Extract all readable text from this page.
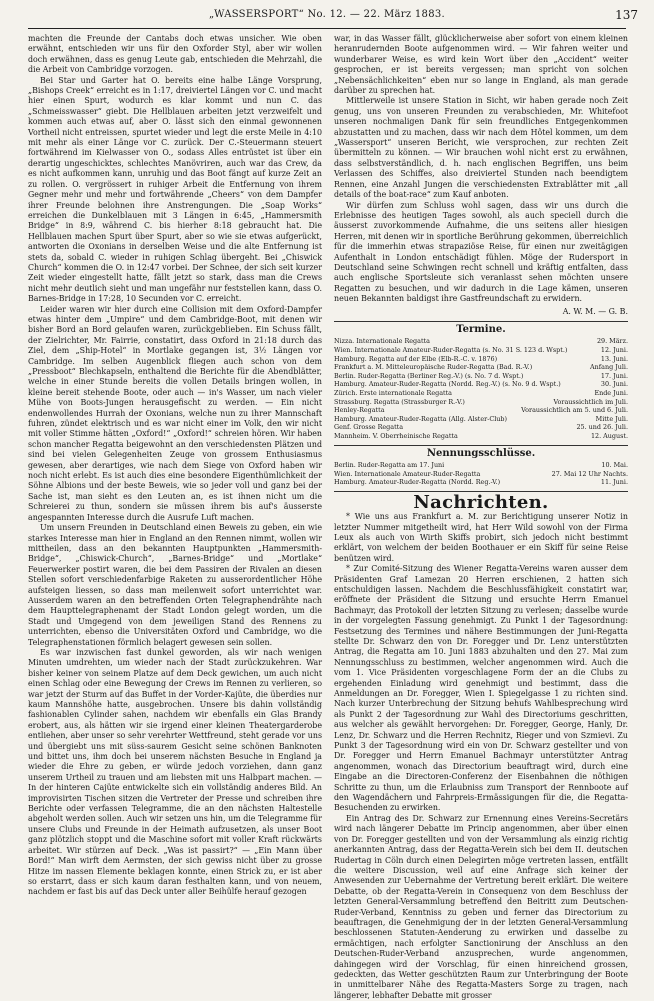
„WASSERSPORT“ No. 12. — 22. März 1883.	137

machten die Freunde der Cantabs doch etwas unsicher. Wie oben erwähnt, entschieden wir uns für den Oxforder Styl, aber wir wollen doch erwähnen, dass es genug Leute gab, entschieden die Mehrzahl, die die Arbeit von Cambridge vorzogen.

Bei Star und Garter hat O. bereits eine halbe Länge Vorsprung, „Bishops Creek“ erreicht es in 1:17, dreiviertel Längen vor C. und macht hier einen Spurt, wodurch es klar kommt und nun C. das „Schmeisswasser“ giebt. Die Hellblauen arbeiten jetzt verzweifelt und kommen auch etwas auf, aber O. lässt sich den einmal gewonnenen Vortheil nicht entreissen, spurtet wieder und legt die erste Meile in 4:10 mit mehr als einer Länge vor C. zurück. Der C.-Steuermann steuert fortwährend im Kielwasser von O., sodass Alles entrüstet ist über ein derartig ungeschicktes, schlechtes Manövriren, auch war das Crew, da es nicht aufkommen kann, unruhig und das Boot fängt auf kurze Zeit an zu rollen. O. vergrössert in ruhiger Arbeit die Entfernung von ihrem Gegner mehr und mehr und fortwährende „Cheers“ von dem Dampfer ihrer Freunde belohnen ihre Anstrengungen. Die „Soap Works“ erreichen die Dunkelblauen mit 3 Längen in 6:45, „Hammersmith Bridge“ in 8:9, während C. bis hierher 8:18 gebraucht hat. Die Hellblauen machen Spurt über Spurt, aber so wie sie etwas aufgerückt, antworten die Oxonians in derselben Weise und die alte Entfernung ist stets da, sobald C. wieder in ruhigen Schlag übergeht. Bei „Chiswick Church“ kommen die O. in 12:47 vorbei. Der Schnee, der sich seit kurzer Zeit wieder eingestellt hatte, fällt jetzt so stark, dass man die Crews nicht mehr deutlich sieht und man ungefähr nur feststellen kann, dass O. Barnes-Bridge in 17:28, 10 Secunden vor C. erreicht.

Leider waren wir hier durch eine Collision mit dem Oxford-Dampfer etwas hinter dem „Umpire“ und dem Cambridge-Boot, mit denen wir bisher Bord an Bord gelaufen waren, zurückgeblieben. Ein Schuss fällt, der Zielrichter, Mr. Fairrie, constatirt, dass Oxford in 21:18 durch das Ziel, dem „Ship-Hotel“ in Mortlake gegangen ist, 3½ Längen vor Cambridge. Im selben Augenblick fliegen auch schon von dem „Pressboot“ Blechkapseln, enthaltend die Berichte für die Abendblätter, welche in einer Stunde bereits die vollen Details bringen wollen, in kleine bereit stehende Boote, oder auch — in's Wasser, um nach vieler Mühe von Boots-Jungen herausgefischt zu werden. — Ein nicht endenwollendes Hurrah der Oxonians, welche nun zu ihrer Mannschaft fuhren, zündet elektrisch und es war nicht einer im Volk, den wir nicht mit voller Stimme hätten „Oxford!“ „Oxford!“ schreien hören. Wir haben schon mancher Regatta beigewohnt an den verschiedensten Plätzen und sind bei vielen Gelegenheiten Zeuge von grossem Enthusiasmus gewesen, aber derartiges, wie nach dem Siege von Oxford haben wir noch nicht erlebt. Es ist auch dies eine besondere Eigenthümlichkeit der Söhne Albions und der beste Beweis, wie so jeder voll und ganz bei der Sache ist, man sieht es den Leuten an, es ist ihnen nicht um die Schreierei zu thun, sondern sie müssen ihrem bis auf's äusserste angespannten Interesse durch die Ausrufe Luft machen.

Um unsern Freunden in Deutschland einen Beweis zu geben, ein wie starkes Interesse man hier in England an den Rennen nimmt, wollen wir mittheilen, dass an den bekannten Hauptpunkten „Hammersmith-Bridge“, „Chiswick-Church“, „Barnes-Bridge“ und „Mortlake“ Feuerwerker postirt waren, die bei dem Passiren der Rivalen an diesen Stellen sofort verschiedenfarbige Raketen zu ausserordentlicher Höhe aufsteigen liessen, so dass man meilenweit sofort unterrichtet war. Ausserdem waren an den betreffenden Orten Telegraphendrähte nach dem Haupttelegraphenamt der Stadt London gelegt worden, um die Stadt und Umgegend von dem jeweiligen Stand des Rennens zu unterrichten, ebenso die Universitäten Oxford und Cambridge, wo die Telegraphenstationen förmlich belagert gewesen sein sollen.

Es war inzwischen fast dunkel geworden, als wir nach wenigen Minuten umdrehten, um wieder nach der Stadt zurückzukehren. War bisher keiner von seinem Platze auf dem Deck gewichen, um auch nicht einen Schlag oder eine Bewegung der Crews im Rennen zu verlieren, so war jetzt der Sturm auf das Buffet in der Vorder-Kajüte, die überdies nur kaum Mannshöhe hatte, ausgebrochen. Unsere bis dahin vollständig fashionablen Cylinder sahen, nachdem wir ebenfalls ein Glas Brandy erobert, aus, als hätten wir sie irgend einer kleinen Theatergarderobe entliehen, aber unser so sehr verehrter Wettfreund, steht gerade vor uns und übergiebt uns mit süss-saurem Gesicht seine schönen Banknoten und bittet uns, ihm doch bei unserem nächsten Besuche in England ja wieder die Ehre zu geben, er würde jedoch vorziehen, dann ganz unserem Urtheil zu trauen und am liebsten mit uns Halbpart machen. — In der hinteren Cajüte entwickelte sich ein vollständig anderes Bild. An improvisirten Tischen sitzen die Vertreter der Presse und schreiben ihre Berichte oder verfassen Telegramme, die an den nächsten Haltestelle abgeholt werden sollen. Auch wir setzen uns hin, um die Telegramme für unsere Clubs und Freunde in der Heimath aufzusetzen, als unser Boot ganz plötzlich stoppt und die Maschine sofort mit voller Kraft rückwärts arbeitet. Wir stürzen auf Deck. „Was ist passirt?“ — „Ein Mann über Bord!“ Man wirft dem Aermsten, der sich gewiss nicht über zu grosse Hitze im nassen Elemente beklagen konnte, einen Strick zu, er ist aber so erstarrt, dass er sich kaum daran festhalten kann, und von neuem, nachdem er fast bis auf das Deck unter aller Beihülfe herauf gezogen

war, in das Wasser fällt, glücklicherweise aber sofort von einem kleinen heranrudernden Boote aufgenommen wird. — Wir fahren weiter und wunderbarer Weise, es wird kein Wort über den „Accident“ weiter gesprochen, er ist bereits vergessen; man spricht von solchen „Nebensächlichkeiten“ eben nur so lange in England, als man gerade darüber zu sprechen hat.

Mittlerweile ist unsere Station in Sicht, wir haben gerade noch Zeit genug, uns von unseren Freunden zu verabschieden, Mr. Whitefoot unseren nochmaligen Dank für sein freundliches Entgegenkommen abzustatten und zu machen, dass wir nach dem Hôtel kommen, um dem „Wassersport“ unseren Bericht, wie versprochen, zur rechten Zeit übermitteln zu können. — Wir brauchen wohl nicht erst zu erwähnen, dass selbstverständlich, d. h. nach englischen Begriffen, uns beim Verlassen des Schiffes, also dreiviertel Stunden nach beendigtem Rennen, eine Anzahl Jungen die verschiedensten Extrablätter mit „all details of the boat-race“ zum Kauf anboten.

Wir dürfen zum Schluss wohl sagen, dass wir uns durch die Erlebnisse des heutigen Tages sowohl, als auch speciell durch die äusserst zuvorkommende Aufnahme, die uns seitens aller hiesigen Herren, mit denen wir in sportliche Berührung gekommen, überreichlich für die immerhin etwas strapaziöse Reise, für einen nur zweitägigen Aufenthalt in London entschädigt fühlen. Möge der Rudersport in Deutschland seine Schwingen recht schnell und kräftig entfalten, dass auch englische Sportsleute sich veranlasst sehen möchten unsere Regatten zu besuchen, und wir dadurch in die Lage kämen, unseren neuen Bekannten baldigst ihre Gastfreundschaft zu erwidern.

A. W. M. — G. B.
Termine.
Nizza. Internationale Regatta	29. März.
Wien. Internationale Amateur-Ruder-Regatta (s. No. 31 S. 123 d. Wspt.)	12. Juni.
Hamburg. Regatta auf der Elbe (Elb-R.-C. v. 1876)	13. Juni.
Frankfurt a. M. Mitteleuropäische Ruder-Regatta (Bad. R.-V.)	Anfang Juli.
Berlin. Ruder-Regatta (Berliner Reg.-V.) (s. No. 7 d. Wspt.)	17. Juni.
Hamburg. Amateur-Ruder-Regatta (Nordd. Reg.-V.) (s. No. 9 d. Wspt.)	30. Juni.
Zürich. Erste internationale Regatta	Ende Juni.
Strassburg. Regatta (Strassburger R.-V.)	Voraussichtlich im Juli.
Henley-Regatta	Voraussichtlich am 5. und 6. Juli.
Hamburg. Amateur-Ruder-Regatta (Allg. Alster-Club)	Mitte Juli.
Genf. Grosse Regatta	25. und 26. Juli.
Mannheim. V. Oberrheinische Regatta	12. August.
Nennungsschlüsse.
Berlin. Ruder-Regatta am 17. Juni	10. Mai.
Wien. Internationale Amateur-Ruder-Regatta	27. Mai 12 Uhr Nachts.
Hamburg. Amateur-Ruder-Regatta (Nordd. Reg.-V.)	11. Juni.
Nachrichten.

* Wie uns aus Frankfurt a. M. zur Berichtigung unserer Notiz in letzter Nummer mitgetheilt wird, hat Herr Wild sowohl von der Firma Leux als auch von Wirth Skiffs probirt, sich jedoch nicht bestimmt erklärt, von welchem der beiden Boothauer er ein Skiff für seine Reise benützen wird.

* Zur Comité-Sitzung des Wiener Regatta-Vereins waren ausser dem Präsidenten Graf Lamezan 20 Herren erschienen, 2 hatten sich entschuldigen lassen. Nachdem die Beschlussfähigkeit constatirt war, eröffnete der Präsident die Sitzung und ersuchte Herrn Emanuel Bachmayr, das Protokoll der letzten Sitzung zu verlesen; dasselbe wurde in der vorgelegten Fassung genehmigt. Zu Punkt 1 der Tagesordnung: Festsetzung des Termines und nähere Bestimmungen der Juni-Regatta stellte Dr. Schwarz den von Dr. Foregger und Dr. Lenz unterstützten Antrag, die Regatta am 10. Juni 1883 abzuhalten und den 27. Mai zum Nennungsschluss zu bestimmen, welcher angenommen wird. Auch die vom 1. Vice Präsidenten vorgeschlagene Form der an die Clubs zu ergehenden Einladung wird genehmigt und bestimmt, dass die Anmeldungen an Dr. Foregger, Wien I. Spiegelgasse 1 zu richten sind. Nach kurzer Unterbrechung der Sitzung behufs Wahlbesprechung wird als Punkt 2 der Tagesordnung zur Wahl des Directoriums geschritten, aus welcher als gewählt hervorgehen: Dr. Foregger, George, Hanly, Dr. Lenz, Dr. Schwarz und die Herren Rechnitz, Rieger und von Szmievi. Zu Punkt 3 der Tagesordnung wird ein von Dr. Schwarz gestellter und von Dr. Foregger und Herrn Emanuel Bachmayr unterstützter Antrag angenommen, wonach das Directorium beauftragt wird, durch eine Eingabe an die Directoren-Conferenz der Eisenbahnen die nöthigen Schritte zu thun, um die Erlaubniss zum Transport der Rennboote auf den Wagendächern und Fahrpreis-Ermässigungen für die, die Regatta-Besuchenden zu erwirken.

Ein Antrag des Dr. Schwarz zur Ernennung eines Vereins-Secretärs wird nach längerer Debatte im Princip angenommen, aber über einen von Dr. Foregger gestellten und von der Versammlung als einzig richtig anerkannten Antrag, dass der Regatta-Verein sich bei dem II. deutschen Rudertag in Cöln durch einen Delegirten möge vertreten lassen, entfällt die weitere Discussion, weil auf eine Anfrage sich keiner der Anwesenden zur Uebernahme der Vertretung bereit erklärt. Die weitere Debatte, ob der Regatta-Verein in Consequenz von dem Beschluss der letzten General-Versammlung betreffend den Beitritt zum Deutschen-Ruder-Verband, Kenntniss zu geben und ferner das Directorium zu beauftragen, die Genehmigung der in der letzten General-Versammlung beschlossenen Statuten-Aenderung zu erwirken und dasselbe zu ermächtigen, nach erfolgter Sanctionirung der Anschluss an den Deutschen-Ruder-Verband anzusprechen, wurde angenommen, dahingegen wird der Vorschlag, für einen hinreichend grossen, gedeckten, das Wetter geschützten Raum zur Unterbringung der Boote in unmittelbarer Nähe des Regatta-Masters Sorge zu tragen, nach längerer, lebhafter Debatte mit grosser
